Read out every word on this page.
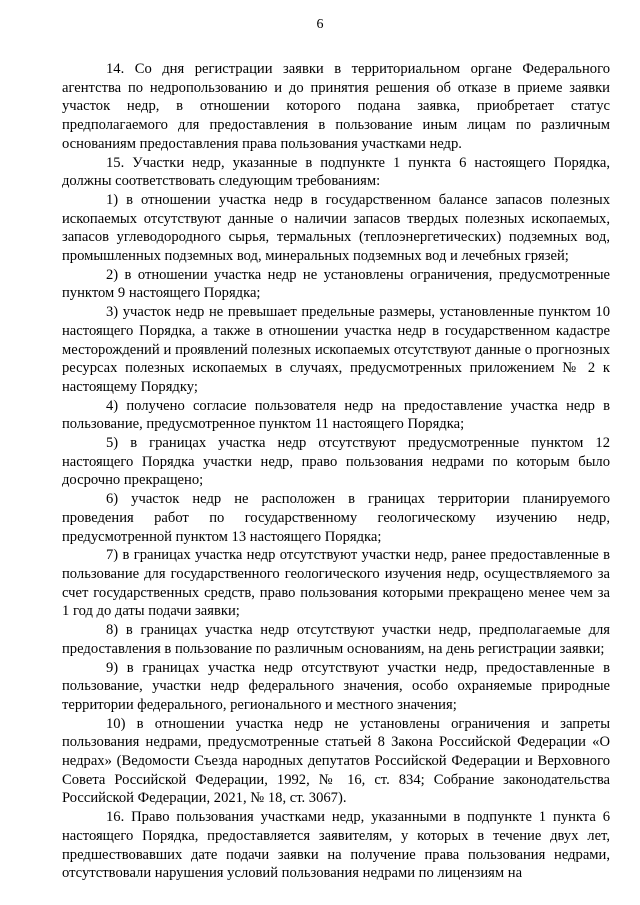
6

14. Со дня регистрации заявки в территориальном органе Федерального агентства по недропользованию и до принятия решения об отказе в приеме заявки участок недр, в отношении которого подана заявка, приобретает статус предполагаемого для предоставления в пользование иным лицам по различным основаниям предоставления права пользования участками недр.

15. Участки недр, указанные в подпункте 1 пункта 6 настоящего Порядка, должны соответствовать следующим требованиям:

1) в отношении участка недр в государственном балансе запасов полезных ископаемых отсутствуют данные о наличии запасов твердых полезных ископаемых, запасов углеводородного сырья, термальных (теплоэнергетических) подземных вод, промышленных подземных вод, минеральных подземных вод и лечебных грязей;

2) в отношении участка недр не установлены ограничения, предусмотренные пунктом 9 настоящего Порядка;

3) участок недр не превышает предельные размеры, установленные пунктом 10 настоящего Порядка, а также в отношении участка недр в государственном кадастре месторождений и проявлений полезных ископаемых отсутствуют данные о прогнозных ресурсах полезных ископаемых в случаях, предусмотренных приложением № 2 к настоящему Порядку;

4) получено согласие пользователя недр на предоставление участка недр в пользование, предусмотренное пунктом 11 настоящего Порядка;

5) в границах участка недр отсутствуют предусмотренные пунктом 12 настоящего Порядка участки недр, право пользования недрами по которым было досрочно прекращено;

6) участок недр не расположен в границах территории планируемого проведения работ по государственному геологическому изучению недр, предусмотренной пунктом 13 настоящего Порядка;

7) в границах участка недр отсутствуют участки недр, ранее предоставленные в пользование для государственного геологического изучения недр, осуществляемого за счет государственных средств, право пользования которыми прекращено менее чем за 1 год до даты подачи заявки;

8) в границах участка недр отсутствуют участки недр, предполагаемые для предоставления в пользование по различным основаниям, на день регистрации заявки;

9) в границах участка недр отсутствуют участки недр, предоставленные в пользование, участки недр федерального значения, особо охраняемые природные территории федерального, регионального и местного значения;

10) в отношении участка недр не установлены ограничения и запреты пользования недрами, предусмотренные статьей 8 Закона Российской Федерации «О недрах» (Ведомости Съезда народных депутатов Российской Федерации и Верховного Совета Российской Федерации, 1992, № 16, ст. 834; Собрание законодательства Российской Федерации, 2021, № 18, ст. 3067).

16. Право пользования участками недр, указанными в подпункте 1 пункта 6 настоящего Порядка, предоставляется заявителям, у которых в течение двух лет, предшествовавших дате подачи заявки на получение права пользования недрами, отсутствовали нарушения условий пользования недрами по лицензиям на
